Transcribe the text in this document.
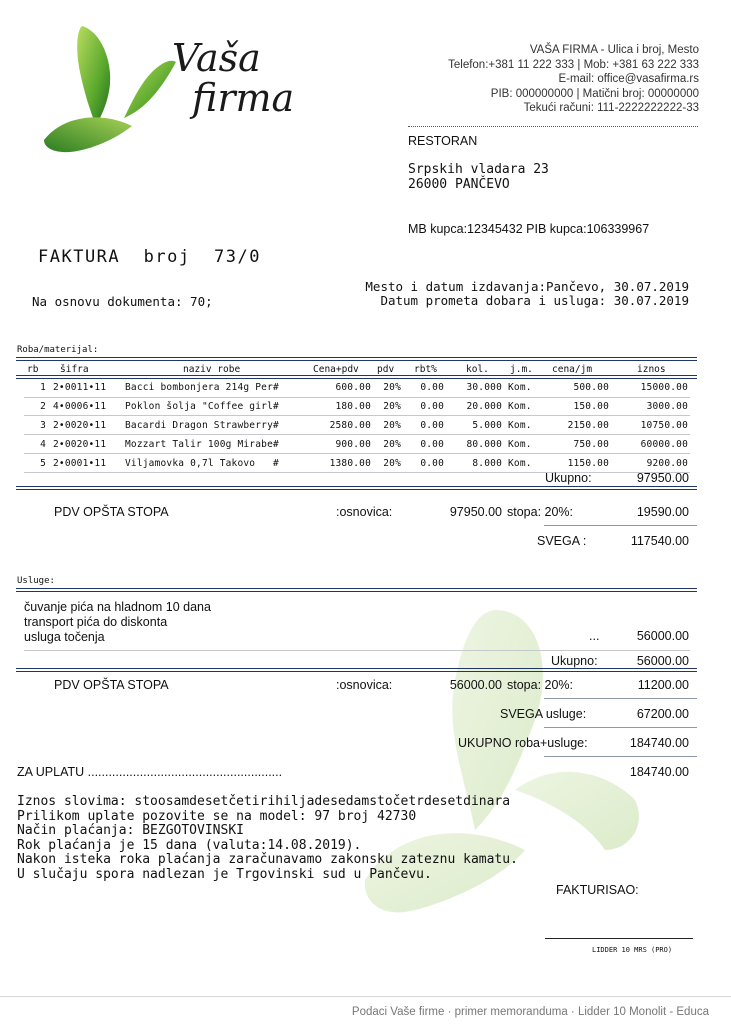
Vaša
firma
VAŠA FIRMA - Ulica i broj, Mesto
Telefon:+381 11 222 333 | Mob: +381 63 222 333
E-mail: office@vasafirma.rs
PIB: 000000000 | Matični broj: 00000000
Tekući računi: 111-2222222222-33
RESTORAN
Srpskih vladara 23
26000 PANČEVO
MB kupca:12345432 PIB kupca:106339967
FAKTURA  broj  73/0
Mesto i datum izdavanja:Pančevo, 30.07.2019
Datum prometa dobara i usluga: 30.07.2019
Na osnovu dokumenta: 70;
Roba/materijal:
rb šifra	naziv robe	Cena+pdv pdv rbt%	kol. j.m. cena/jm	iznos
1 2•0011•11	Bacci bombonjera 214g Per#	600.00	20%	0.00	30.000 Kom.	500.00	15000.00
2 4•0006•11	Poklon šolja "Coffee girl#	180.00	20%	0.00	20.000 Kom.	150.00	3000.00
3 2•0020•11	Bacardi Dragon Strawberry#	2580.00	20%	0.00	5.000 Kom.	2150.00	10750.00
4 2•0020•11	Mozzart Talir 100g Mirabe#	900.00	20%	0.00	80.000 Kom.	750.00	60000.00
5 2•0001•11	Viljamovka 0,7l Takovo   #	1380.00	20%	0.00	8.000 Kom.	1150.00	9200.00
Ukupno:	97950.00
PDV OPŠTA STOPA	:osnovica:	97950.00 stopa: 20%:	19590.00
SVEGA :	117540.00
Usluge:
čuvanje pića na hladnom 10 dana
transport pića do diskonta
usluga točenja	...	56000.00
Ukupno:	56000.00
PDV OPŠTA STOPA	:osnovica:	56000.00 stopa: 20%:	11200.00
SVEGA usluge:	67200.00
UKUPNO roba+usluge:	184740.00
ZA UPLATU ........................................................	184740.00
Iznos slovima: stoosamdesetčetirihiljadesedamstočetrdesetdinara
Prilikom uplate pozovite se na model: 97 broj 42730
Način plaćanja: BEZGOTOVINSKI
Rok plaćanja je 15 dana (valuta:14.08.2019).
Nakon isteka roka plaćanja zaračunavamo zakonsku zateznu kamatu.
U slučaju spora nadlezan je Trgovinski sud u Pančevu.
FAKTURISAO:
LIDDER 10 MRS (PRO)
Podaci Vaše firme · primer memoranduma · Lidder 10 Monolit - Educa
